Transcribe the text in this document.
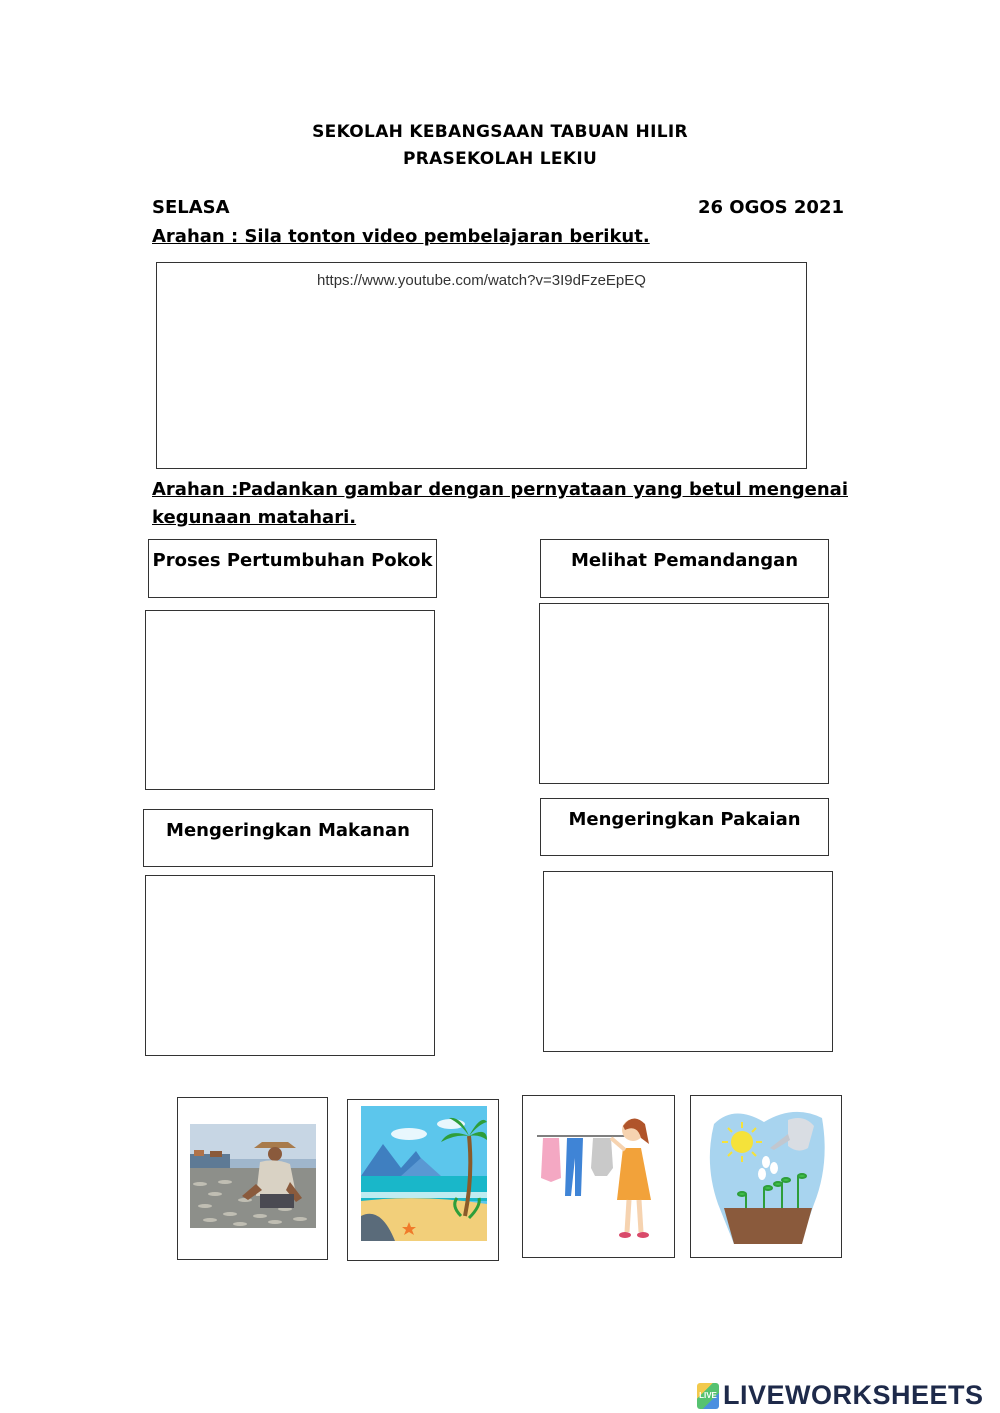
SEKOLAH KEBANGSAAN TABUAN HILIR
PRASEKOLAH LEKIU
SELASA	26 OGOS 2021
Arahan : Sila tonton video pembelajaran berikut.
https://www.youtube.com/watch?v=3I9dFzeEpEQ
Arahan :Padankan gambar dengan pernyataan yang betul mengenai
kegunaan matahari.
Proses Pertumbuhan Pokok	Melihat Pemandangan
Mengeringkan Makanan
Mengeringkan Pakaian
LIVE LIVEWORKSHEETS
